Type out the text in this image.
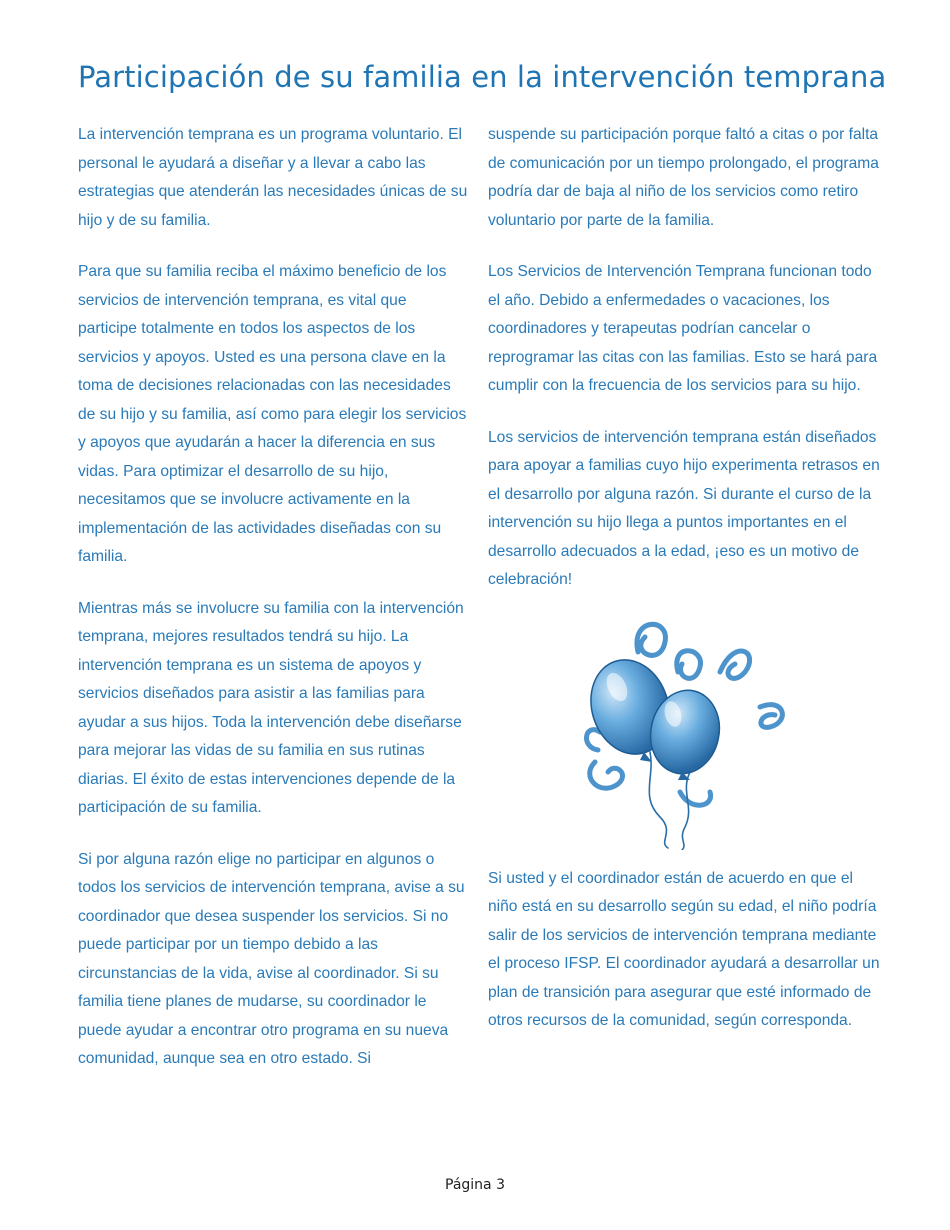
Participación de su familia en la intervención temprana

La intervención temprana es un programa voluntario. El personal le ayudará a diseñar y a llevar a cabo las estrategias que atenderán las necesidades únicas de su hijo y de su familia.

Para que su familia reciba el máximo beneficio de los servicios de intervención temprana, es vital que participe totalmente en todos los aspectos de los servicios y apoyos. Usted es una persona clave en la toma de decisiones relacionadas con las necesidades de su hijo y su familia, así como para elegir los servicios y apoyos que ayudarán a hacer la diferencia en sus vidas. Para optimizar el desarrollo de su hijo, necesitamos que se involucre activamente en la implementación de las actividades diseñadas con su familia.

Mientras más se involucre su familia con la intervención temprana, mejores resultados tendrá su hijo. La intervención temprana es un sistema de apoyos y servicios diseñados para asistir a las familias para ayudar a sus hijos. Toda la intervención debe diseñarse para mejorar las vidas de su familia en sus rutinas diarias. El éxito de estas intervenciones depende de la participación de su familia.

Si por alguna razón elige no participar en algunos o todos los servicios de intervención temprana, avise a su coordinador que desea suspender los servicios. Si no puede participar por un tiempo debido a las circunstancias de la vida, avise al coordinador. Si su familia tiene planes de mudarse, su coordinador le puede ayudar a encontrar otro programa en su nueva comunidad, aunque sea en otro estado. Si

suspende su participación porque faltó a citas o por falta de comunicación por un tiempo prolongado, el programa podría dar de baja al niño de los servicios como retiro voluntario por parte de la familia.

Los Servicios de Intervención Temprana funcionan todo el año. Debido a enfermedades o vacaciones, los coordinadores y terapeutas podrían cancelar o reprogramar las citas con las familias. Esto se hará para cumplir con la frecuencia de los servicios para su hijo.

Los servicios de intervención temprana están diseñados para apoyar a familias cuyo hijo experimenta retrasos en el desarrollo por alguna razón. Si durante el curso de la intervención su hijo llega a puntos importantes en el desarrollo adecuados a la edad, ¡eso es un motivo de celebración!

Si usted y el coordinador están de acuerdo en que el niño está en su desarrollo según su edad, el niño podría salir de los servicios de intervención temprana mediante el proceso IFSP. El coordinador ayudará a desarrollar un plan de transición para asegurar que esté informado de otros recursos de la comunidad, según corresponda.

Página 3
